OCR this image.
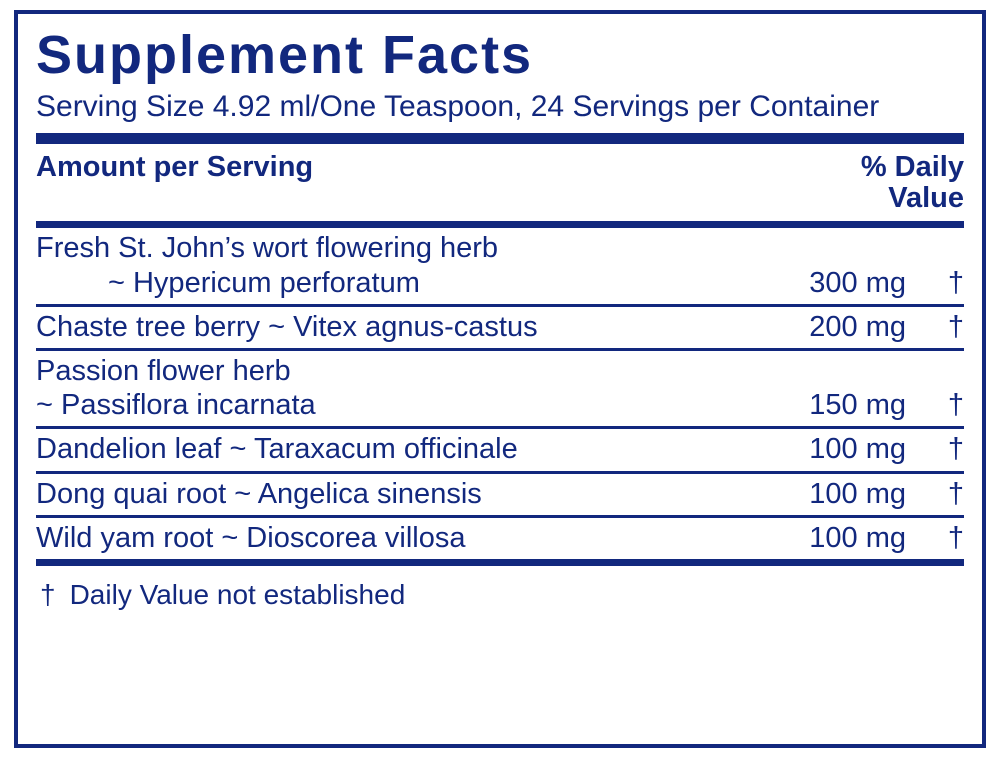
Supplement Facts
Serving Size 4.92 ml/One Teaspoon, 24 Servings per Container
Amount per Serving	% Daily
Value
Fresh St. John’s wort flowering herb
~ Hypericum perforatum	300 mg	†

Chaste tree berry ~ Vitex agnus-castus	200 mg	†

Passion flower herb
~ Passiflora incarnata	150 mg	†

Dandelion leaf ~ Taraxacum officinale	100 mg	†

Dong quai root ~ Angelica sinensis	100 mg	†

Wild yam root ~ Dioscorea villosa	100 mg	†
† Daily Value not established
